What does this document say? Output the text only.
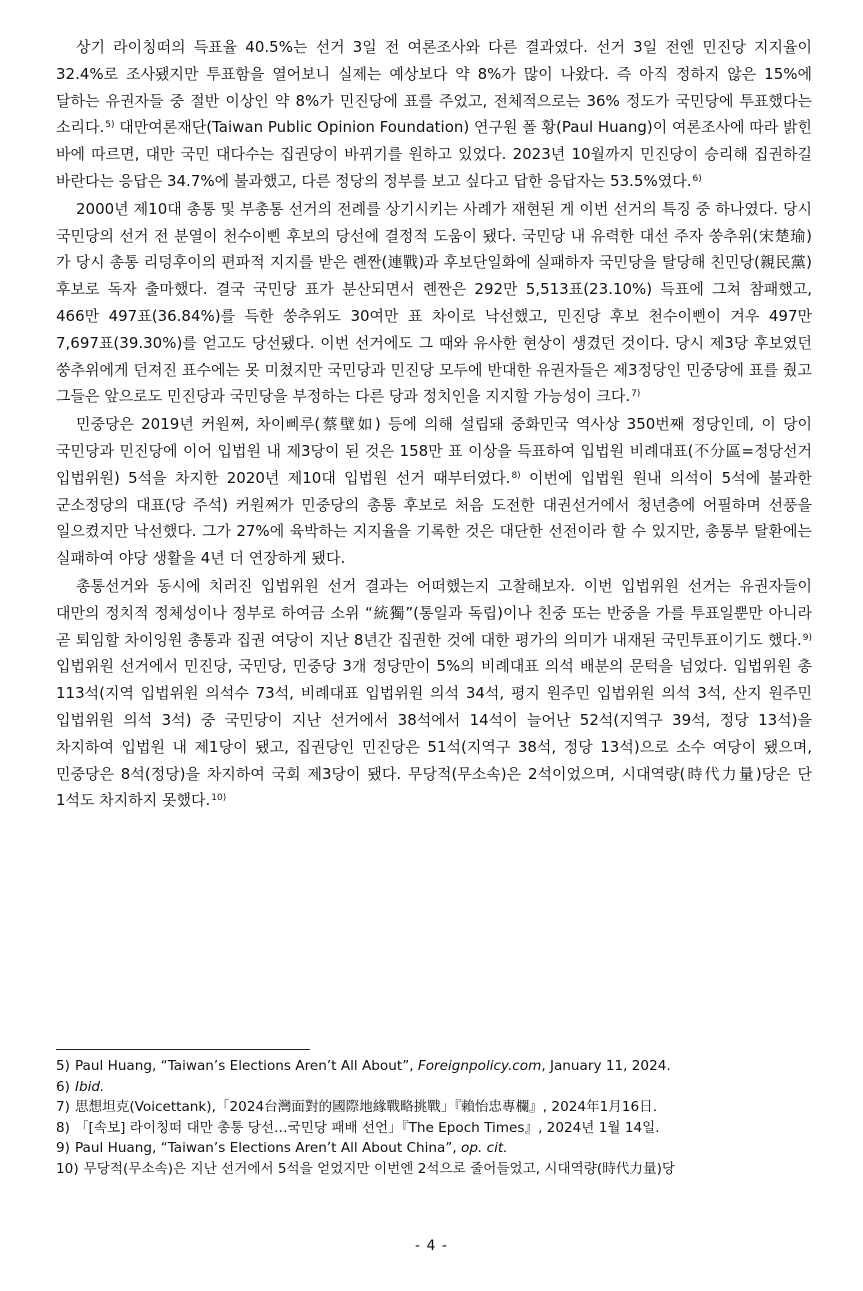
상기 라이칭떠의 득표율 40.5%는 선거 3일 전 여론조사와 다른 결과였다. 선거 3일 전엔 민진당 지지율이 32.4%로 조사됐지만 투표함을 열어보니 실제는 예상보다 약 8%가 많이 나왔다. 즉 아직 정하지 않은 15%에 달하는 유권자들 중 절반 이상인 약 8%가 민진당에 표를 주었고, 전체적으로는 36% 정도가 국민당에 투표했다는 소리다.$^{5)}$ 대만여론재단(Taiwan Public Opinion Foundation) 연구원 폴 황(Paul Huang)이 여론조사에 따라 밝힌 바에 따르면, 대만 국민 대다수는 집권당이 바뀌기를 원하고 있었다. 2023년 10월까지 민진당이 승리해 집권하길 바란다는 응답은 34.7%에 불과했고, 다른 정당의 정부를 보고 싶다고 답한 응답자는 53.5%였다.$^{6)}$

2000년 제10대 총통 및 부총통 선거의 전례를 상기시키는 사례가 재현된 게 이번 선거의 특징 중 하나였다. 당시 국민당의 선거 전 분열이 천수이삔 후보의 당선에 결정적 도움이 됐다. 국민당 내 유력한 대선 주자 쑹추위(宋楚瑜)가 당시 총통 리덩후이의 편파적 지지를 받은 롄짠(連戰)과 후보단일화에 실패하자 국민당을 탈당해 친민당(親民黨) 후보로 독자 출마했다. 결국 국민당 표가 분산되면서 롄짠은 292만 5,513표(23.10%) 득표에 그쳐 참패했고, 466만 497표(36.84%)를 득한 쑹추위도 30여만 표 차이로 낙선했고, 민진당 후보 천수이삔이 겨우 497만 7,697표(39.30%)를 얻고도 당선됐다. 이번 선거에도 그 때와 유사한 현상이 생겼던 것이다. 당시 제3당 후보였던 쑹추위에게 던져진 표수에는 못 미쳤지만 국민당과 민진당 모두에 반대한 유권자들은 제3정당인 민중당에 표를 줬고 그들은 앞으로도 민진당과 국민당을 부정하는 다른 당과 정치인을 지지할 가능성이 크다.$^{7)}$

민중당은 2019년 커원쩌, 차이삐루(蔡壁如) 등에 의해 설립돼 중화민국 역사상 350번째 정당인데, 이 당이 국민당과 민진당에 이어 입법원 내 제3당이 된 것은 158만 표 이상을 득표하여 입법원 비례대표(不分區=정당선거 입법위원) 5석을 차지한 2020년 제10대 입법원 선거 때부터였다.$^{8)}$ 이번에 입법원 원내 의석이 5석에 불과한 군소정당의 대표(당 주석) 커원쩌가 민중당의 총통 후보로 처음 도전한 대권선거에서 청년층에 어필하며 선풍을 일으켰지만 낙선했다. 그가 27%에 육박하는 지지율을 기록한 것은 대단한 선전이라 할 수 있지만, 총통부 탈환에는 실패하여 야당 생활을 4년 더 연장하게 됐다.

총통선거와 동시에 치러진 입법위원 선거 결과는 어떠했는지 고찰해보자. 이번 입법위원 선거는 유권자들이 대만의 정치적 정체성이나 정부로 하여금 소위 “統獨”(통일과 독립)이나 친중 또는 반중을 가를 투표일뿐만 아니라 곧 퇴임할 차이잉원 총통과 집권 여당이 지난 8년간 집권한 것에 대한 평가의 의미가 내재된 국민투표이기도 했다.$^{9)}$ 입법위원 선거에서 민진당, 국민당, 민중당 3개 정당만이 5%의 비례대표 의석 배분의 문턱을 넘었다. 입법위원 총 113석(지역 입법위원 의석수 73석, 비례대표 입법위원 의석 34석, 평지 원주민 입법위원 의석 3석, 산지 원주민 입법위원 의석 3석) 중 국민당이 지난 선거에서 38석에서 14석이 늘어난 52석(지역구 39석, 정당 13석)을 차지하여 입법원 내 제1당이 됐고, 집권당인 민진당은 51석(지역구 38석, 정당 13석)으로 소수 여당이 됐으며, 민중당은 8석(정당)을 차지하여 국회 제3당이 됐다. 무당적(무소속)은 2석이었으며, 시대역량(時代力量)당은 단 1석도 차지하지 못했다.$^{10)}$

5 ) Paul Huang, “Taiwan’s Elections Aren’t All About”, Foreignpolicy.com, January 11, 2024.
6 ) Ibid.
7 ) 思想坦克(Voicettank),「2024台灣面對的國際地緣戰略挑戰」『賴怡忠專欄』, 2024年1月16日.
8 ) 「[속보] 라이칭떠 대만 총통 당선…국민당 패배 선언」『The Epoch Times』, 2024년 1월 14일.
9 ) Paul Huang, “Taiwan’s Elections Aren’t All About China”, op. cit.
10 ) 무당적(무소속)은 지난 선거에서 5석을 얻었지만 이번엔 2석으로 줄어들었고, 시대역량(時代力量)당
- 4 -
